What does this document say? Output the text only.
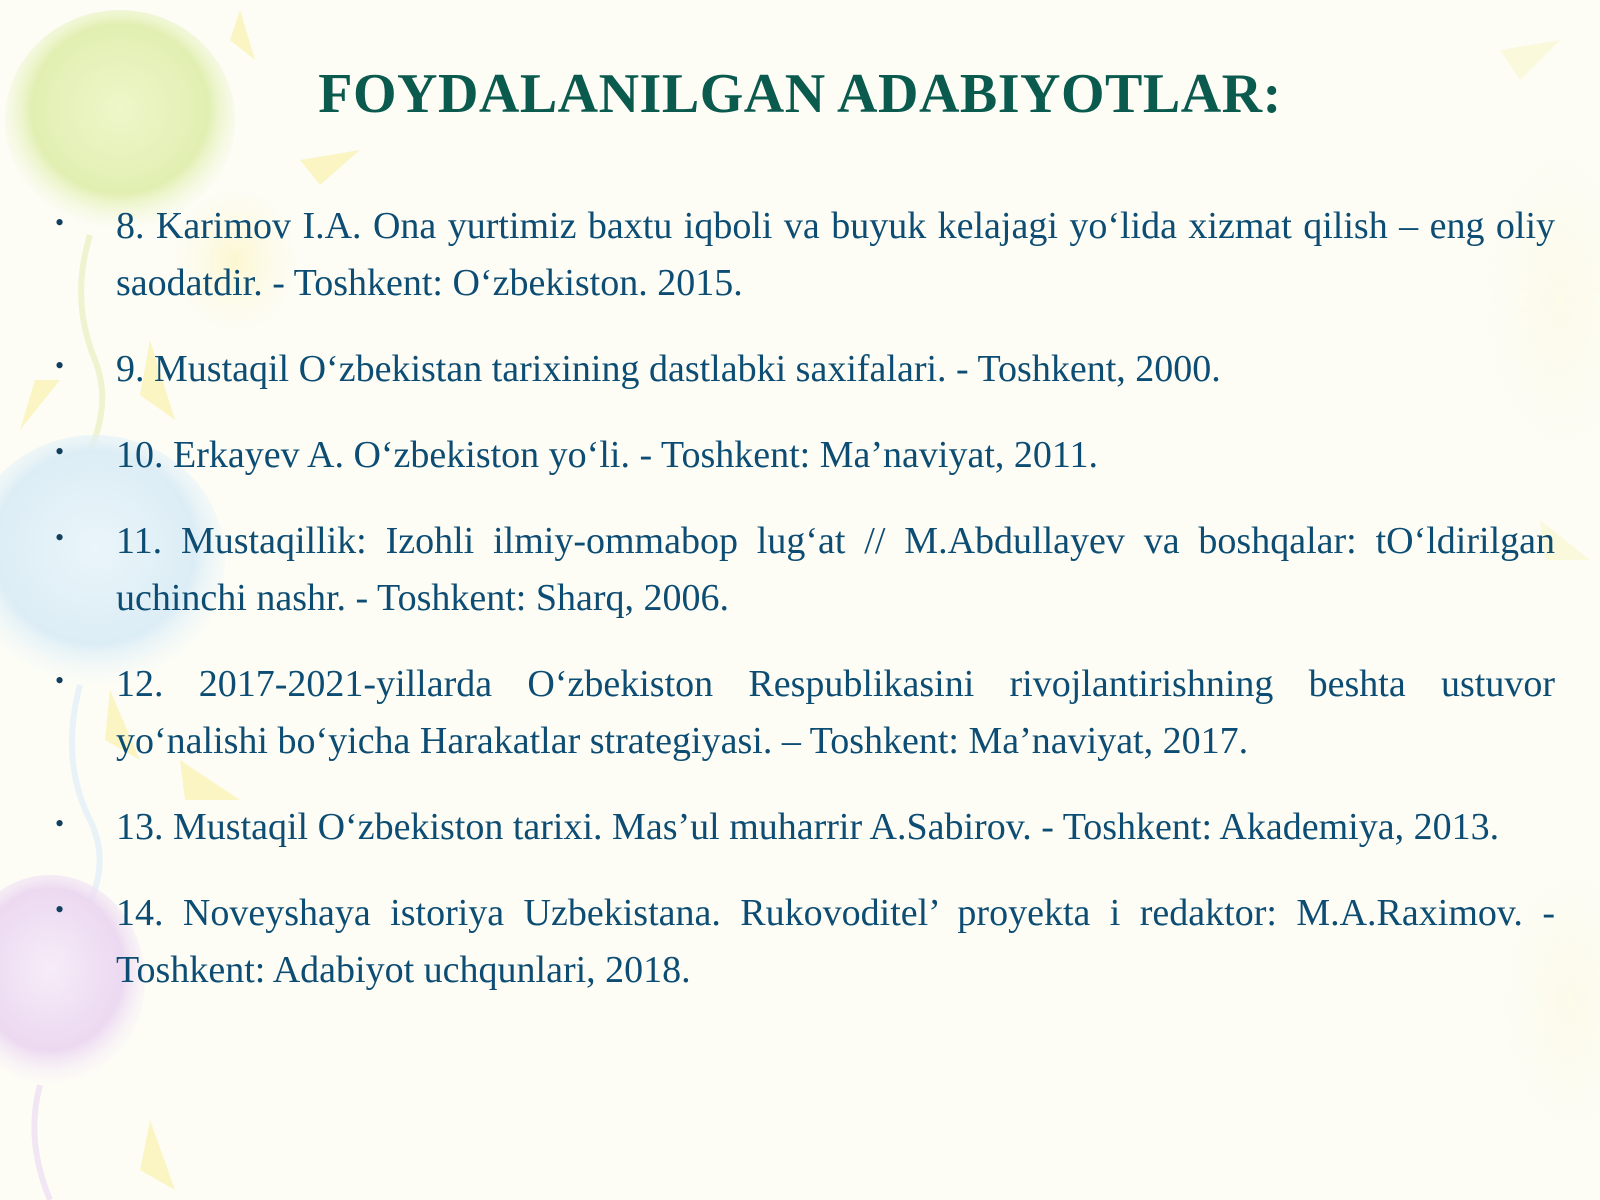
FOYDALANILGAN ADABIYOTLAR:
• 8. Karimov I.A. Ona yurtimiz baxtu iqboli va buyuk kelajagi yo‘lida xizmat qilish – eng oliy saodatdir. - Toshkent: O‘zbekiston. 2015.
• 9. Mustaqil O‘zbekistan tarixining dastlabki saxifalari. - Toshkent, 2000.
• 10. Erkayev A. O‘zbekiston yo‘li. - Toshkent: Ma’naviyat, 2011.
• 11. Mustaqillik: Izohli ilmiy-ommabop lug‘at // M.Abdullayev va boshqalar: tO‘ldirilgan uchinchi nashr. - Toshkent: Sharq, 2006.
• 12. 2017-2021-yillarda O‘zbekiston Respublikasini rivojlantirishning beshta ustuvor yo‘nalishi bo‘yicha Harakatlar strategiyasi. – Toshkent: Ma’naviyat, 2017.
• 13. Mustaqil O‘zbekiston tarixi. Mas’ul muharrir A.Sabirov. - Toshkent: Akademiya, 2013.
• 14. Noveyshaya istoriya Uzbekistana. Rukovoditel’ proyekta i redaktor: M.A.Raximov. - Toshkent: Adabiyot uchqunlari, 2018.
